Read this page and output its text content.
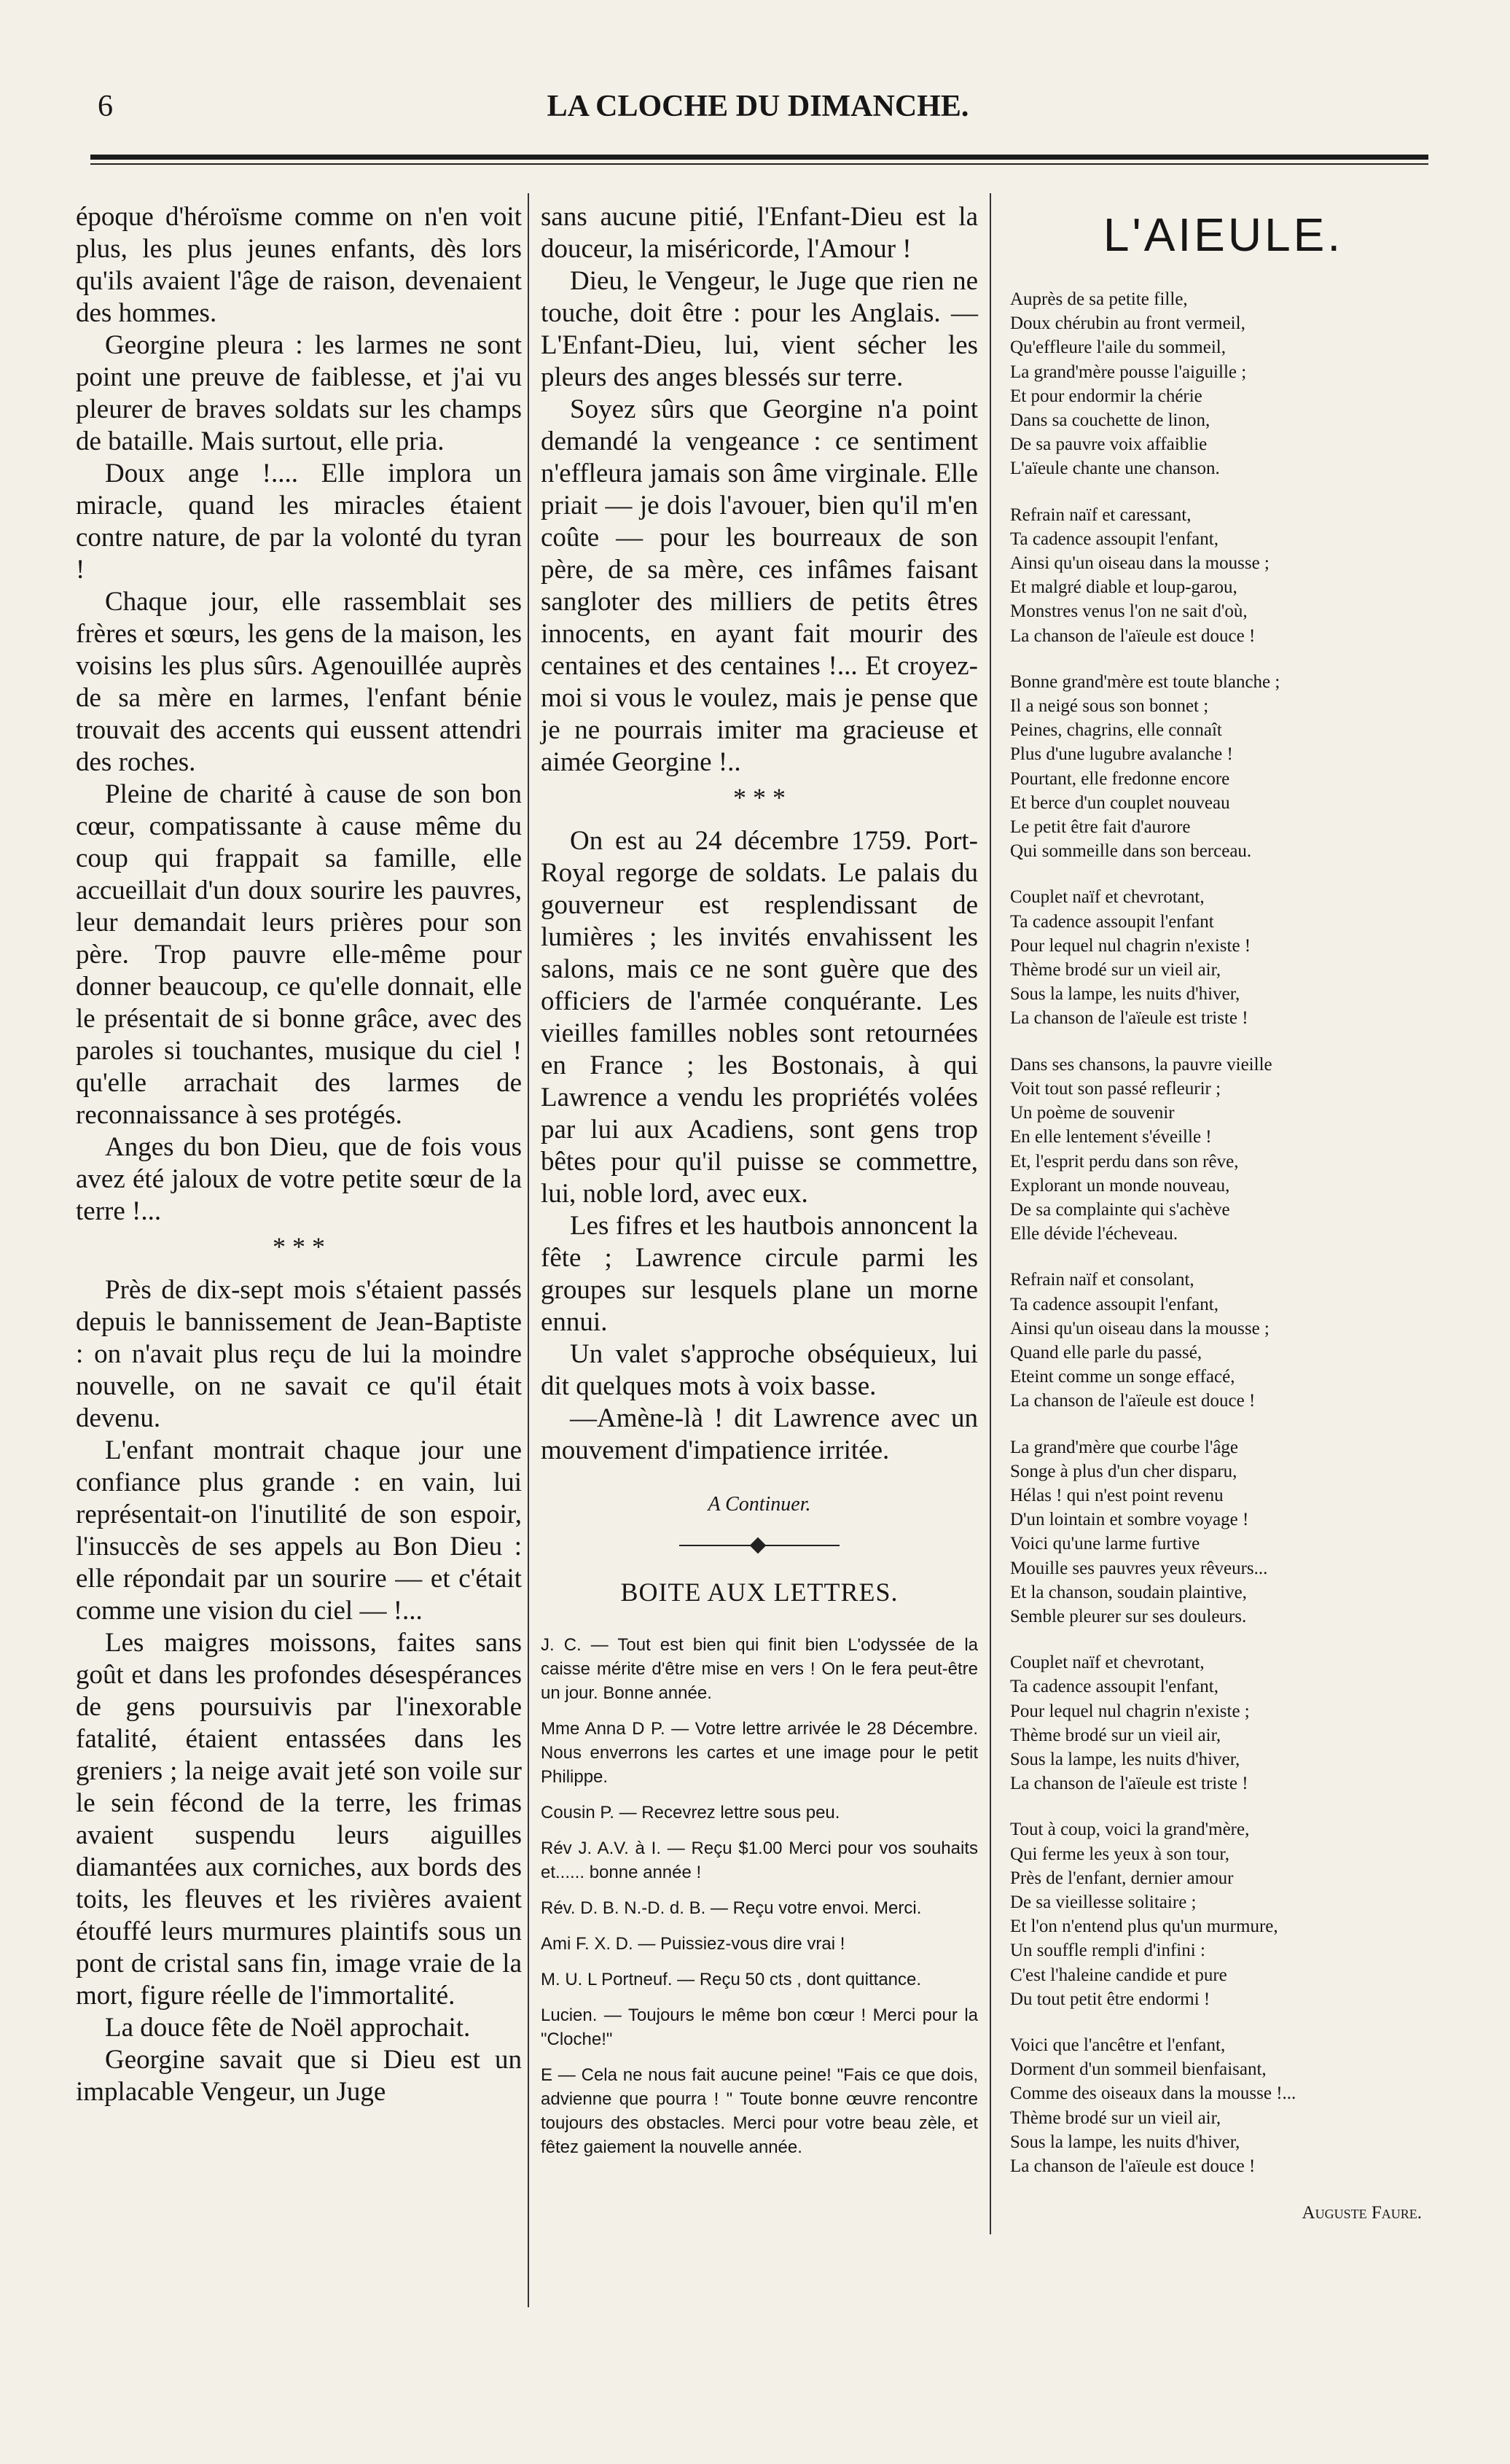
6	LA CLOCHE DU DIMANCHE.

époque d'héroïsme comme on n'en voit plus, les plus jeunes enfants, dès lors qu'ils avaient l'âge de raison, devenaient des hommes.

Georgine pleura : les larmes ne sont point une preuve de faiblesse, et j'ai vu pleurer de braves soldats sur les champs de bataille. Mais surtout, elle pria.

Doux ange !.... Elle implora un miracle, quand les miracles étaient contre nature, de par la volonté du tyran !

Chaque jour, elle rassemblait ses frères et sœurs, les gens de la maison, les voisins les plus sûrs. Agenouillée auprès de sa mère en larmes, l'enfant bénie trouvait des accents qui eussent attendri des roches.

Pleine de charité à cause de son bon cœur, compatissante à cause même du coup qui frappait sa famille, elle accueillait d'un doux sourire les pauvres, leur demandait leurs prières pour son père. Trop pauvre elle-même pour donner beaucoup, ce qu'elle donnait, elle le présentait de si bonne grâce, avec des paroles si touchantes, musique du ciel ! qu'elle arrachait des larmes de reconnaissance à ses protégés.

Anges du bon Dieu, que de fois vous avez été jaloux de votre petite sœur de la terre !...

* * *

Près de dix-sept mois s'étaient passés depuis le bannissement de Jean-Baptiste : on n'avait plus reçu de lui la moindre nouvelle, on ne savait ce qu'il était devenu.

L'enfant montrait chaque jour une confiance plus grande : en vain, lui représentait-on l'inutilité de son espoir, l'insuccès de ses appels au Bon Dieu : elle répondait par un sourire — et c'était comme une vision du ciel — !...

Les maigres moissons, faites sans goût et dans les profondes désespérances de gens poursuivis par l'inexorable fatalité, étaient entassées dans les greniers ; la neige avait jeté son voile sur le sein fécond de la terre, les frimas avaient suspendu leurs aiguilles diamantées aux corniches, aux bords des toits, les fleuves et les rivières avaient étouffé leurs murmures plaintifs sous un pont de cristal sans fin, image vraie de la mort, figure réelle de l'immortalité.

La douce fête de Noël approchait.

Georgine savait que si Dieu est un implacable Vengeur, un Juge

sans aucune pitié, l'Enfant-Dieu est la douceur, la miséricorde, l'Amour !

Dieu, le Vengeur, le Juge que rien ne touche, doit être : pour les Anglais. — L'Enfant-Dieu, lui, vient sécher les pleurs des anges blessés sur terre.

Soyez sûrs que Georgine n'a point demandé la vengeance : ce sentiment n'effleura jamais son âme virginale. Elle priait — je dois l'avouer, bien qu'il m'en coûte — pour les bourreaux de son père, de sa mère, ces infâmes faisant sangloter des milliers de petits êtres innocents, en ayant fait mourir des centaines et des centaines !... Et croyez-moi si vous le voulez, mais je pense que je ne pourrais imiter ma gracieuse et aimée Georgine !..

* * *

On est au 24 décembre 1759. Port-Royal regorge de soldats. Le palais du gouverneur est resplendissant de lumières ; les invités envahissent les salons, mais ce ne sont guère que des officiers de l'armée conquérante. Les vieilles familles nobles sont retournées en France ; les Bostonais, à qui Lawrence a vendu les propriétés volées par lui aux Acadiens, sont gens trop bêtes pour qu'il puisse se commettre, lui, noble lord, avec eux.

Les fifres et les hautbois annoncent la fête ; Lawrence circule parmi les groupes sur lesquels plane un morne ennui.

Un valet s'approche obséquieux, lui dit quelques mots à voix basse.

—Amène-là ! dit Lawrence avec un mouvement d'impatience irritée.

A Continuer.
BOITE AUX LETTRES.

J. C. — Tout est bien qui finit bien L'odyssée de la caisse mérite d'être mise en vers ! On le fera peut-être un jour. Bonne année.

Mme Anna D P. — Votre lettre arrivée le 28 Décembre. Nous enverrons les cartes et une image pour le petit Philippe.

Cousin P. — Recevrez lettre sous peu.

Rév J. A.V. à I. — Reçu $1.00 Merci pour vos souhaits et...... bonne année !

Rév. D. B. N.-D. d. B. — Reçu votre envoi. Merci.

Ami F. X. D. — Puissiez-vous dire vrai !

M. U. L Portneuf. — Reçu 50 cts , dont quittance.

Lucien. — Toujours le même bon cœur ! Merci pour la "Cloche!"

E — Cela ne nous fait aucune peine! "Fais ce que dois, advienne que pourra ! " Toute bonne œuvre rencontre toujours des obstacles. Merci pour votre beau zèle, et fêtez gaiement la nouvelle année.

L'AIEULE.
Auprès de sa petite fille,
Doux chérubin au front vermeil,
Qu'effleure l'aile du sommeil,
La grand'mère pousse l'aiguille ;
Et pour endormir la chérie
Dans sa couchette de linon,
De sa pauvre voix affaiblie
L'aïeule chante une chanson.
Refrain naïf et caressant,
Ta cadence assoupit l'enfant,
Ainsi qu'un oiseau dans la mousse ;
Et malgré diable et loup-garou,
Monstres venus l'on ne sait d'où,
La chanson de l'aïeule est douce !
Bonne grand'mère est toute blanche ;
Il a neigé sous son bonnet ;
Peines, chagrins, elle connaît
Plus d'une lugubre avalanche !
Pourtant, elle fredonne encore
Et berce d'un couplet nouveau
Le petit être fait d'aurore
Qui sommeille dans son berceau.
Couplet naïf et chevrotant,
Ta cadence assoupit l'enfant
Pour lequel nul chagrin n'existe !
Thème brodé sur un vieil air,
Sous la lampe, les nuits d'hiver,
La chanson de l'aïeule est triste !
Dans ses chansons, la pauvre vieille
Voit tout son passé refleurir ;
Un poème de souvenir
En elle lentement s'éveille !
Et, l'esprit perdu dans son rêve,
Explorant un monde nouveau,
De sa complainte qui s'achève
Elle dévide l'écheveau.
Refrain naïf et consolant,
Ta cadence assoupit l'enfant,
Ainsi qu'un oiseau dans la mousse ;
Quand elle parle du passé,
Eteint comme un songe effacé,
La chanson de l'aïeule est douce !
La grand'mère que courbe l'âge
Songe à plus d'un cher disparu,
Hélas ! qui n'est point revenu
D'un lointain et sombre voyage !
Voici qu'une larme furtive
Mouille ses pauvres yeux rêveurs...
Et la chanson, soudain plaintive,
Semble pleurer sur ses douleurs.
Couplet naïf et chevrotant,
Ta cadence assoupit l'enfant,
Pour lequel nul chagrin n'existe ;
Thème brodé sur un vieil air,
Sous la lampe, les nuits d'hiver,
La chanson de l'aïeule est triste !
Tout à coup, voici la grand'mère,
Qui ferme les yeux à son tour,
Près de l'enfant, dernier amour
De sa vieillesse solitaire ;
Et l'on n'entend plus qu'un murmure,
Un souffle rempli d'infini :
C'est l'haleine candide et pure
Du tout petit être endormi !
Voici que l'ancêtre et l'enfant,
Dorment d'un sommeil bienfaisant,
Comme des oiseaux dans la mousse !...
Thème brodé sur un vieil air,
Sous la lampe, les nuits d'hiver,
La chanson de l'aïeule est douce !
Auguste Faure.
